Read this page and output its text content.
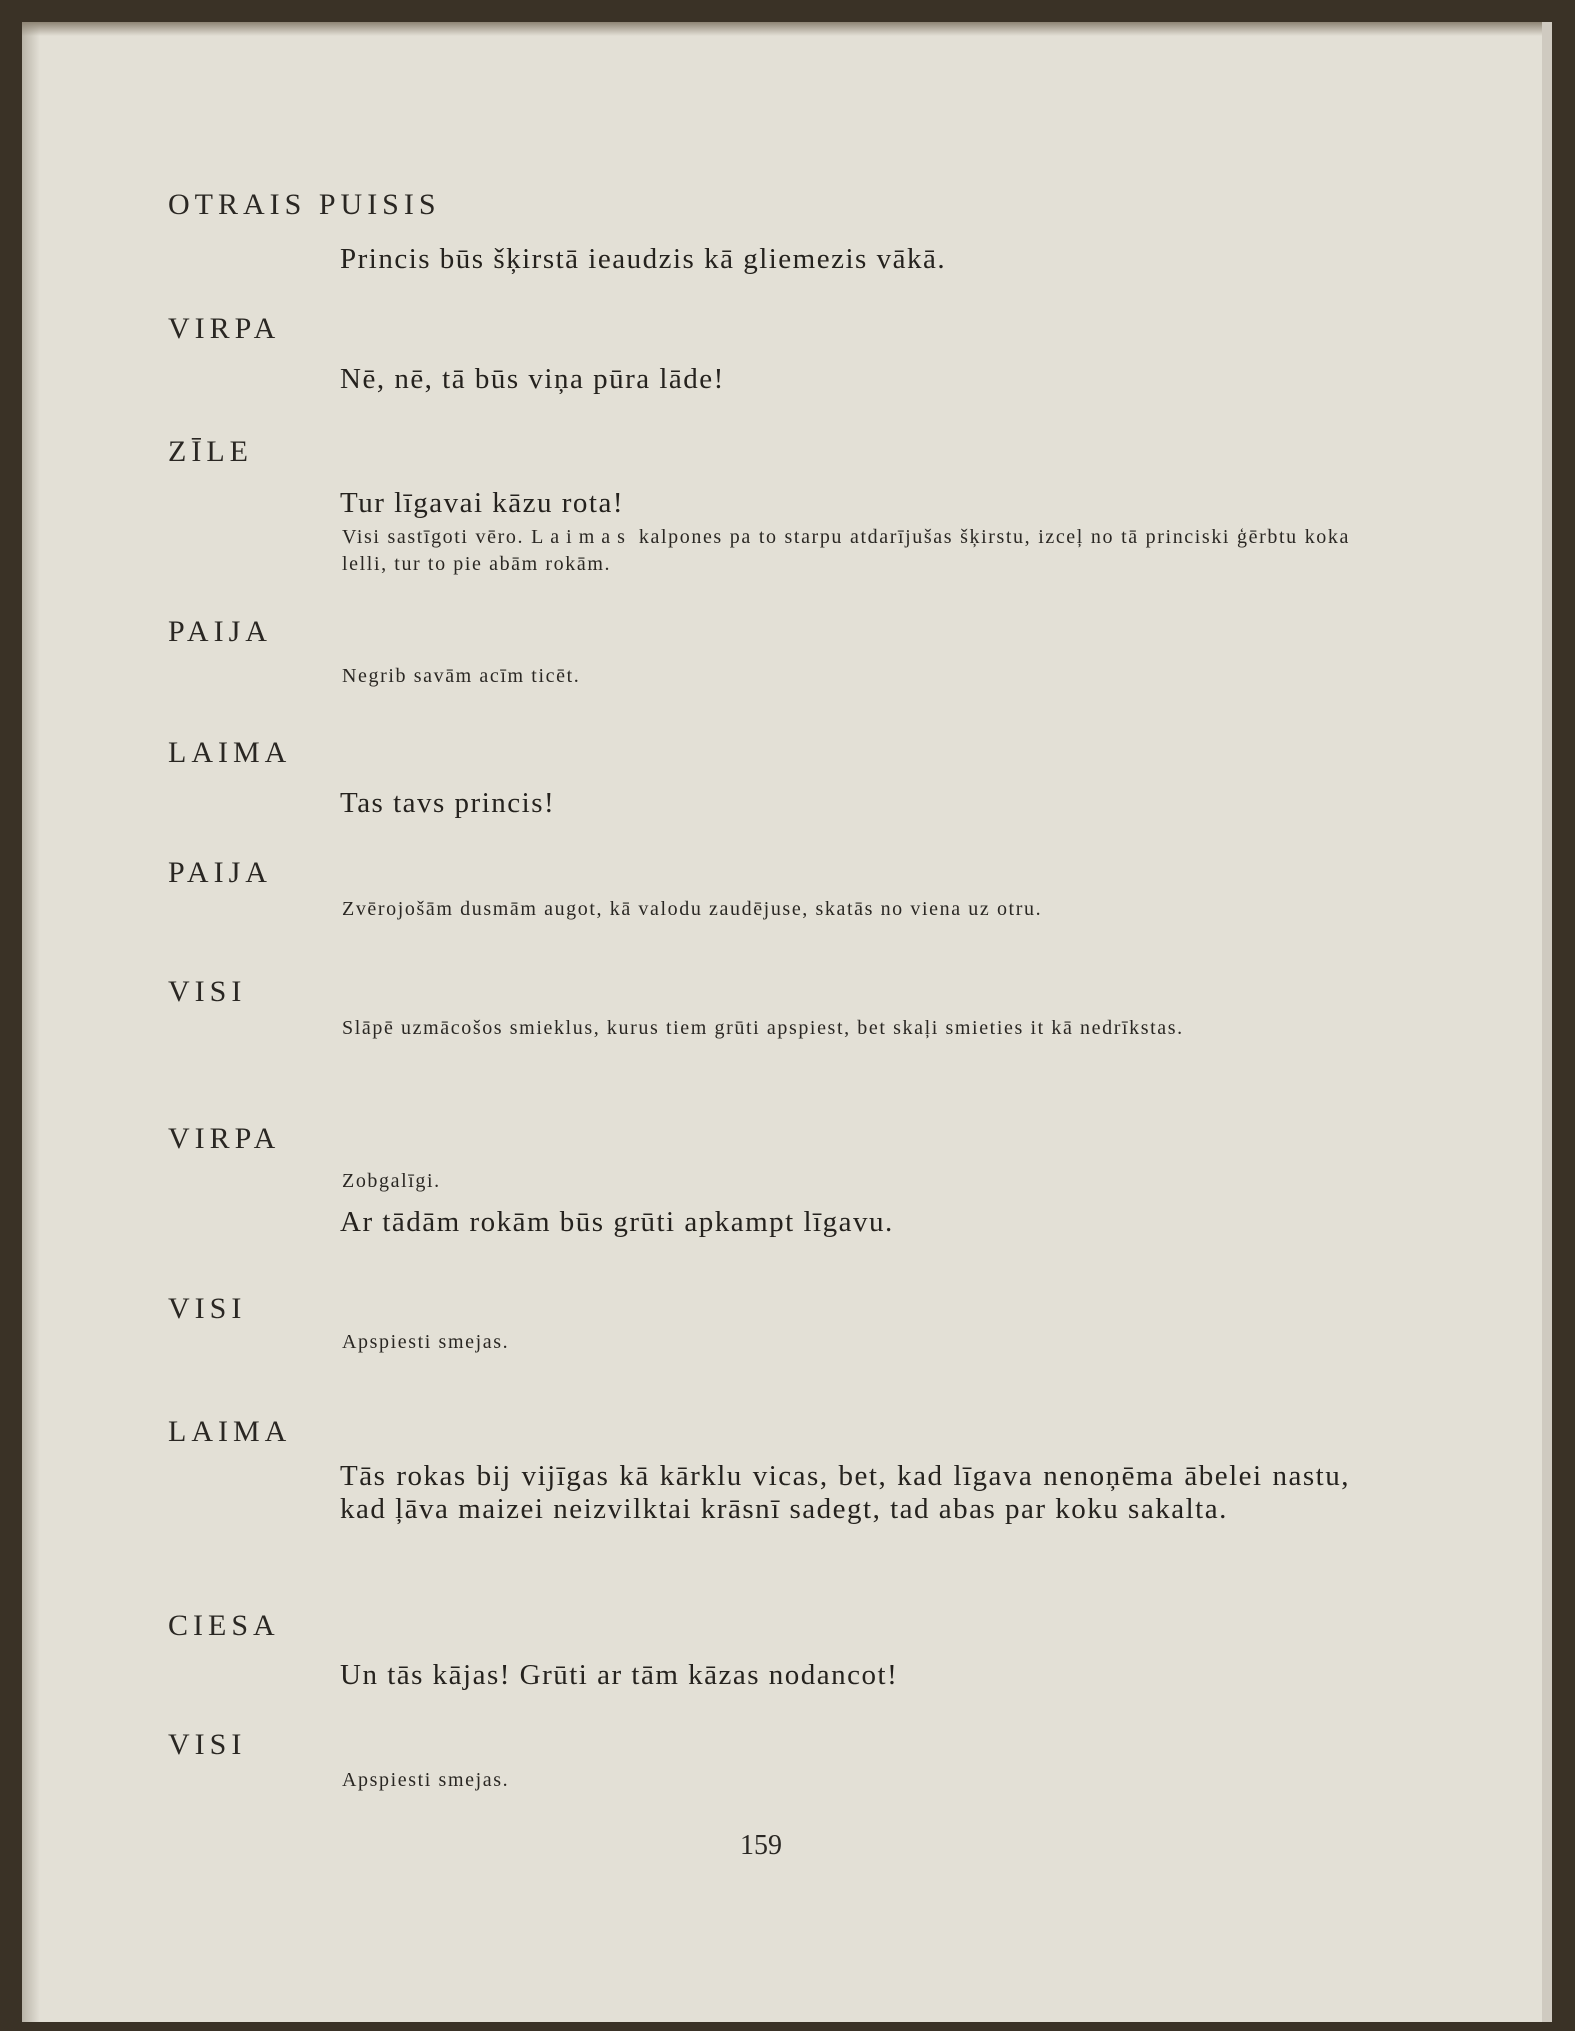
OTRAIS PUISIS
Princis būs šķirstā ieaudzis kā gliemezis vākā.
VIRPA
Nē, nē, tā būs viņa pūra lāde!
ZĪLE
Tur līgavai kāzu rota!
Visi sastīgoti vēro. Laimas kalpones pa to starpu atdarījušas šķirstu, izceļ no tā princiski ģērbtu koka lelli, tur to pie abām rokām.
PAIJA
Negrib savām acīm ticēt.
LAIMA
Tas tavs princis!
PAIJA
Zvērojošām dusmām augot, kā valodu zaudējuse, skatās no viena uz otru.
VISI
Slāpē uzmācošos smieklus, kurus tiem grūti apspiest, bet skaļi smieties it kā nedrīkstas.
VIRPA
Zobgalīgi.
Ar tādām rokām būs grūti apkampt līgavu.
VISI
Apspiesti smejas.
LAIMA
Tās rokas bij vijīgas kā kārklu vicas, bet, kad līgava nenoņēma ābelei nastu, kad ļāva maizei neizvilktai krāsnī sadegt, tad abas par koku sakalta.
CIESA
Un tās kājas! Grūti ar tām kāzas nodancot!
VISI
Apspiesti smejas.
159
